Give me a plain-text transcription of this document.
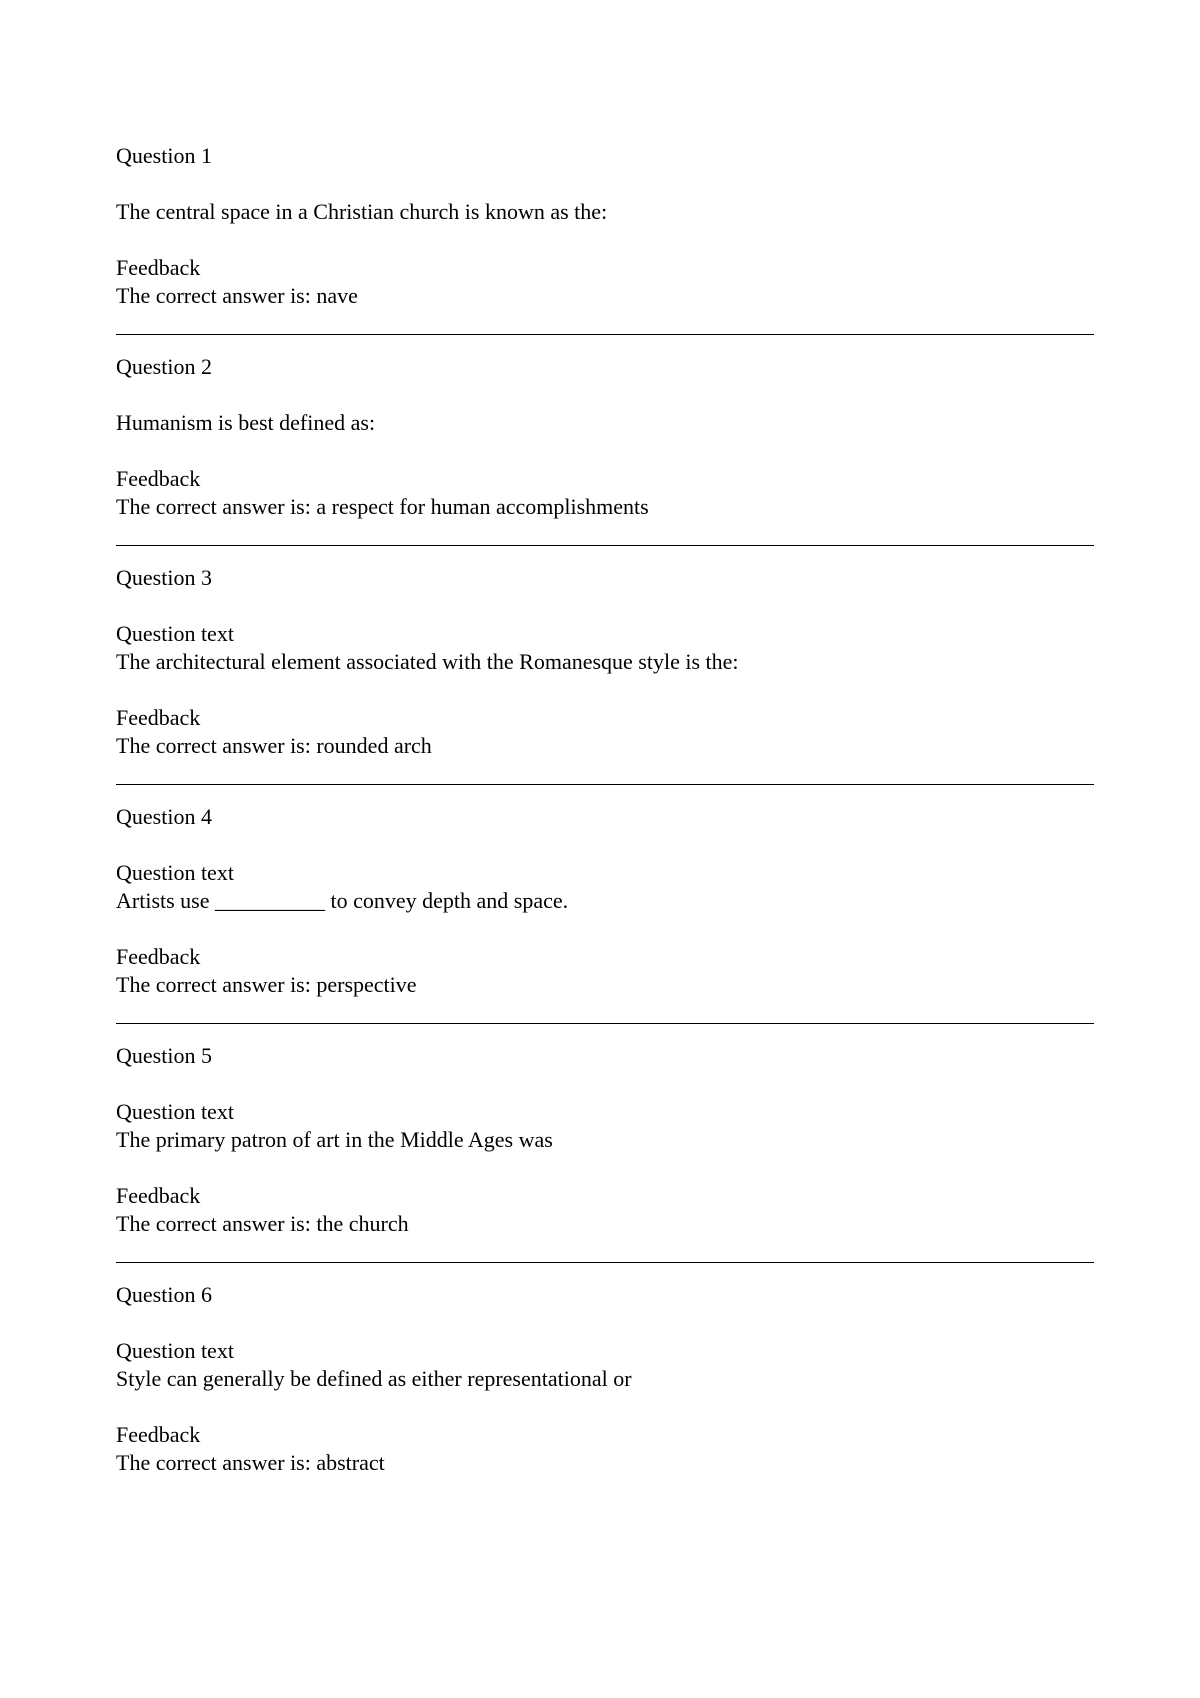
Question 1

The central space in a Christian church is known as the:

Feedback

The correct answer is: nave

Question 2

Humanism is best defined as:

Feedback

The correct answer is: a respect for human accomplishments

Question 3

Question text

The architectural element associated with the Romanesque style is the:

Feedback

The correct answer is: rounded arch

Question 4

Question text

Artists use __________ to convey depth and space.

Feedback

The correct answer is: perspective

Question 5

Question text

The primary patron of art in the Middle Ages was

Feedback

The correct answer is: the church

Question 6

Question text

Style can generally be defined as either representational or

Feedback

The correct answer is: abstract
